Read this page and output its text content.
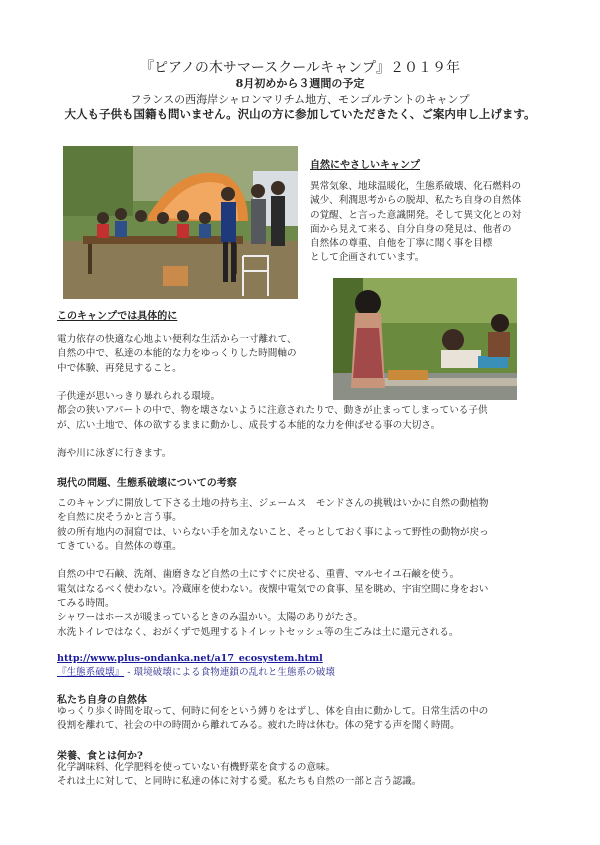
『ピアノの木サマースクールキャンプ』２０１９年
8月初めから３週間の予定
フランスの西海岸シャロンマリチム地方、モンゴルテントのキャンプ
大人も子供も国籍も問いません。沢山の方に参加していただきたく、ご案内申し上げます。
自然にやさしいキャンプ
異常気象、地球温暖化，生態系破壊、化石燃料の
減少、利潤思考からの脱却、私たち自身の自然体
の覚醒、と言った意識開発。そして異文化との対
面から見えて来る、自分自身の発見は、他者の
自然体の尊重、自他を丁寧に聞く事を目標
として企画されています。
このキャンプでは具体的に
電力依存の快適な心地よい便利な生活から一寸離れて、
自然の中で、私達の本能的な力をゆっくりした時間軸の
中で体験、再発見すること。

子供達が思いっきり暴れられる環境。
都会の狭いアパートの中で、物を壊さないように注意されたりで、動きが止まってしまっている子供
が、広い土地で、体の欲するままに動かし、成長する本能的な力を伸ばせる事の大切さ。

海や川に泳ぎに行きます。
現代の問題、生態系破壊についての考察
このキャンプに開放して下さる土地の持ち主、ジェームス　モンドさんの挑戦はいかに自然の動植物
を自然に戻そうかと言う事。
彼の所有地内の洞窟では、いらない手を加えないこと、そっとしておく事によって野性の動物が戻っ
てきている。自然体の尊重。

自然の中で石鹸、洗剤、歯磨きなど自然の土にすぐに戻せる、重曹、マルセイユ石鹸を使う。
電気はなるべく使わない。冷蔵庫を使わない。夜懐中電気での食事、星を眺め、宇宙空間に身をおい
てみる時間。
シャワーはホースが暖まっているときのみ温かい。太陽のありがたさ。
水洗トイレではなく、おがくずで処理するトイレットセッシュ等の生ごみは土に還元される。
http://www.plus-ondanka.net/a17_ecosystem.html
『生態系破壊』 - 環境破壊による食物連鎖の乱れと生態系の破壊
私たち自身の自然体
ゆっくり歩く時間を取って、何時に何をという縛りをはずし、体を自由に動かして。日常生活の中の
役割を離れて、社会の中の時間から離れてみる。疲れた時は休む。体の発する声を聞く時間。
栄養、食とは何か?
化学調味料、化学肥料を使っていない有機野菜を食するの意味。
それは土に対して、と同時に私達の体に対する愛。私たちも自然の一部と言う認識。
